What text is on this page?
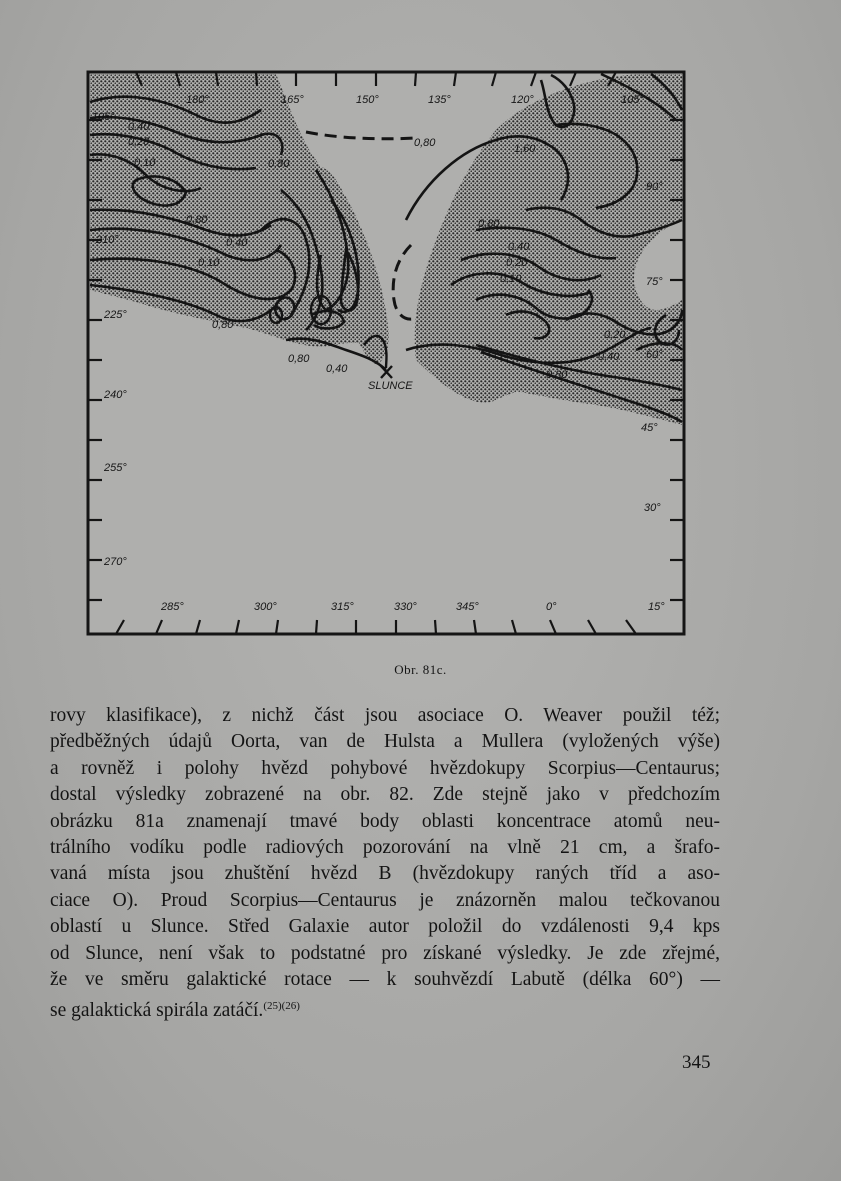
180°	165°	150°	135°	120°	105°
195°
210°
225°
240°
255°
270°
90°
75°
60°
45°
30°
15°
285°	300°	315°	330°	345°	0°
0,40
0,20
0,10	0,80
0,80
0,40
0,10
0,80
0,80
0,40
0,80	1,60
0,80
0,40
0,20
0,10
0,20
0,40
0,80
SLUNCE
Obr. 81c.
rovy klasifikace), z nichž část jsou asociace O. Weaver použil též;
předběžných údajů Oorta, van de Hulsta a Mullera (vyložených výše)
a rovněž i polohy hvězd pohybové hvězdokupy Scorpius—Centaurus;
dostal výsledky zobrazené na obr. 82. Zde stejně jako v předchozím
obrázku 81a znamenají tmavé body oblasti koncentrace atomů neu-
trálního vodíku podle radiových pozorování na vlně 21 cm, a šrafo-
vaná místa jsou zhuštění hvězd B (hvězdokupy raných tříd a aso-
ciace O). Proud Scorpius—Centaurus je znázorněn malou tečkovanou
oblastí u Slunce. Střed Galaxie autor položil do vzdálenosti 9,4 kps
od Slunce, není však to podstatné pro získané výsledky. Je zde zřejmé,
že ve směru galaktické rotace — k souhvězdí Labutě (délka 60°) —
se galaktická spirála zatáčí.$^{(25)(26)}$
345
